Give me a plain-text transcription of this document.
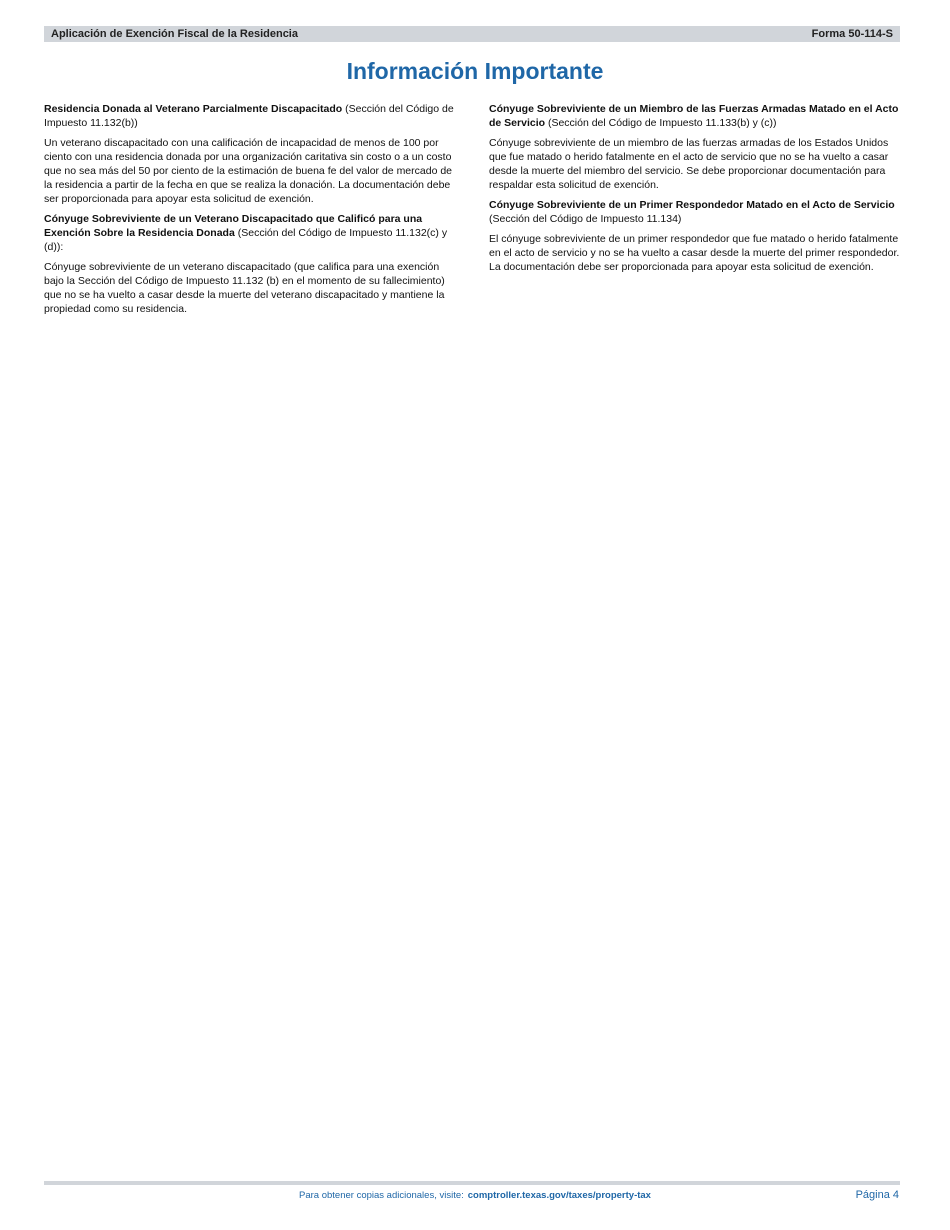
Aplicación de Exención Fiscal de la Residencia	Forma 50-114-S
Información Importante

Residencia Donada al Veterano Parcialmente Discapacitado (Sección del Código de Impuesto 11.132(b))

Un veterano discapacitado con una calificación de incapacidad de menos de 100 por ciento con una residencia donada por una organización caritativa sin costo o a un costo que no sea más del 50 por ciento de la estimación de buena fe del valor de mercado de la residencia a partir de la fecha en que se realiza la donación. La documentación debe ser proporcionada para apoyar esta solicitud de exención.

Cónyuge Sobreviviente de un Veterano Discapacitado que Calificó para una Exención Sobre la Residencia Donada (Sección del Código de Impuesto 11.132(c) y (d)):

Cónyuge sobreviviente de un veterano discapacitado (que califica para una exención bajo la Sección del Código de Impuesto 11.132 (b) en el momento de su fallecimiento) que no se ha vuelto a casar desde la muerte del veterano discapacitado y mantiene la propiedad como su residencia.

Cónyuge Sobreviviente de un Miembro de las Fuerzas Armadas Matado en el Acto de Servicio (Sección del Código de Impuesto 11.133(b) y (c))

Cónyuge sobreviviente de un miembro de las fuerzas armadas de los Estados Unidos que fue matado o herido fatalmente en el acto de servicio que no se ha vuelto a casar desde la muerte del miembro del servicio. Se debe proporcionar documentación para respaldar esta solicitud de exención.

Cónyuge Sobreviviente de un Primer Respondedor Matado en el Acto de Servicio (Sección del Código de Impuesto 11.134)

El cónyuge sobreviviente de un primer respondedor que fue matado o herido fatalmente en el acto de servicio y no se ha vuelto a casar desde la muerte del primer respondedor. La documentación debe ser proporcionada para apoyar esta solicitud de exención.

Para obtener copias adicionales, visite: comptroller.texas.gov/taxes/property-tax	Página 4
